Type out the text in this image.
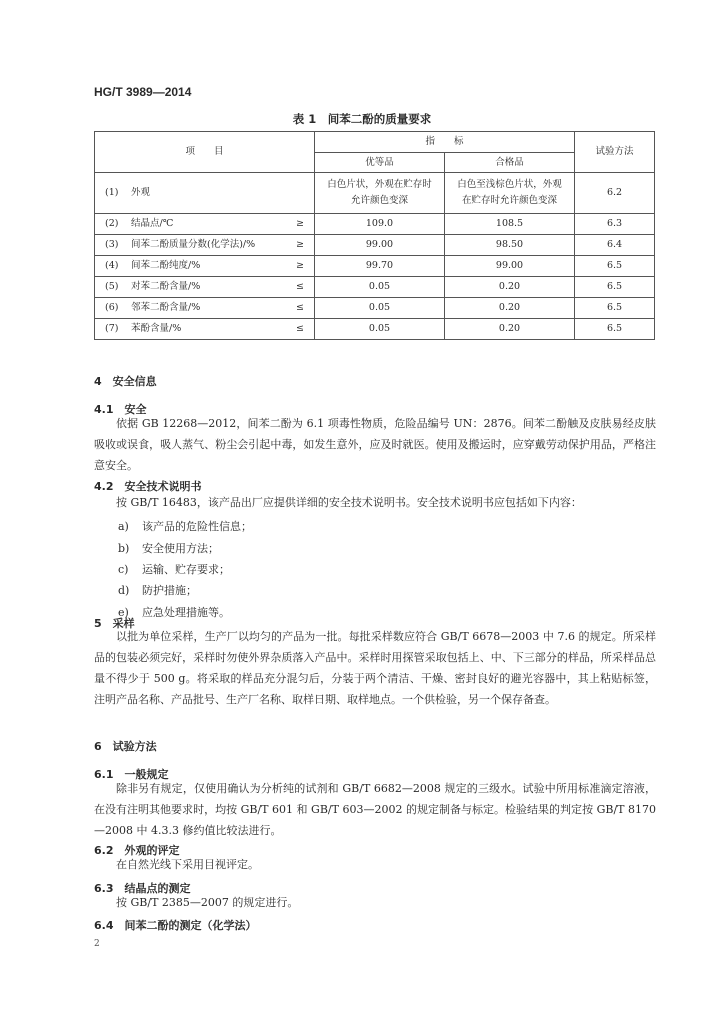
HG/T 3989—2014
表 1　间苯二酚的质量要求
项　　目	指　　标		试验方法
	优等品	合格品	
(1) 外观	白色片状，外观在贮存时允许颜色变深	白色至浅棕色片状，外观在贮存时允许颜色变深	6.2
(2) 结晶点/℃ ≥	109.0	108.5	6.3
(3) 间苯二酚质量分数(化学法)/% ≥	99.00	98.50	6.4
(4) 间苯二酚纯度/% ≥	99.70	99.00	6.5
(5) 对苯二酚含量/% ≤	0.05	0.20	6.5
(6) 邻苯二酚含量/% ≤	0.05	0.20	6.5
(7) 苯酚含量/% ≤	0.05	0.20	6.5
4　安全信息
4.1　安全
依据 GB 12268—2012，间苯二酚为 6.1 项毒性物质，危险品编号 UN：2876。间苯二酚触及皮肤易经皮肤吸收或误食，吸人蒸气、粉尘会引起中毒，如发生意外，应及时就医。使用及搬运时，应穿戴劳动保护用品，严格注意安全。
4.2　安全技术说明书
按 GB/T 16483，该产品出厂应提供详细的安全技术说明书。安全技术说明书应包括如下内容：
a) 该产品的危险性信息；
b) 安全使用方法；
c) 运输、贮存要求；
d) 防护措施；
e) 应急处理措施等。
5　采样
以批为单位采样，生产厂以均匀的产品为一批。每批采样数应符合 GB/T 6678—2003 中 7.6 的规定。所采样品的包装必须完好，采样时勿使外界杂质落入产品中。采样时用探管采取包括上、中、下三部分的样品，所采样品总量不得少于 500 g。将采取的样品充分混匀后，分装于两个清洁、干燥、密封良好的避光容器中，其上粘贴标签，注明产品名称、产品批号、生产厂名称、取样日期、取样地点。一个供检验，另一个保存备查。
6　试验方法
6.1　一般规定
除非另有规定，仅使用确认为分析纯的试剂和 GB/T 6682—2008 规定的三级水。试验中所用标准滴定溶液，在没有注明其他要求时，均按 GB/T 601 和 GB/T 603—2002 的规定制备与标定。检验结果的判定按 GB/T 8170—2008 中 4.3.3 修约值比较法进行。
6.2　外观的评定
在自然光线下采用目视评定。
6.3　结晶点的测定
按 GB/T 2385—2007 的规定进行。
6.4　间苯二酚的测定（化学法）
2
